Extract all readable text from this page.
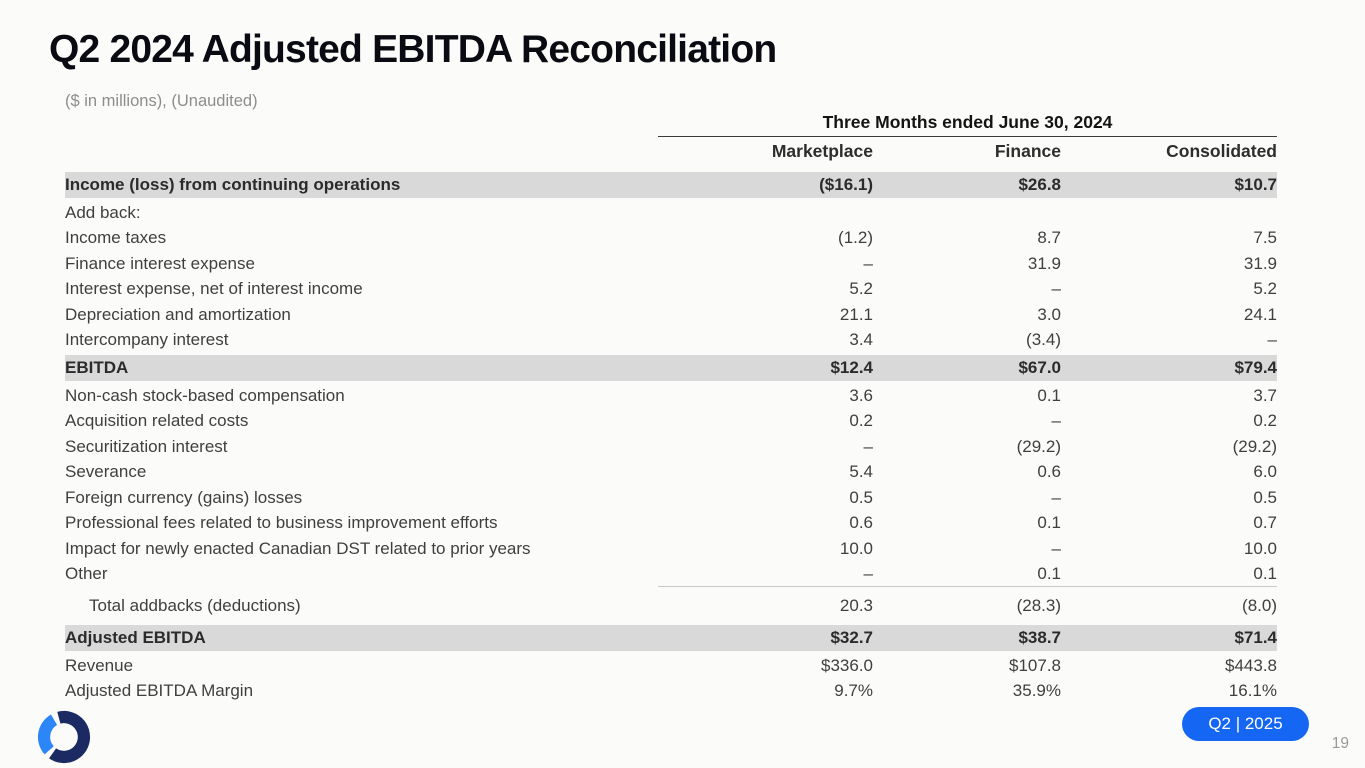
Q2 2024 Adjusted EBITDA Reconciliation
($ in millions), (Unaudited)
Three Months ended June 30, 2024
Marketplace	Finance	Consolidated
Income (loss) from continuing operations	($16.1)	$26.8	$10.7
Add back:
Income taxes	(1.2)	8.7	7.5
Finance interest expense	–	31.9	31.9
Interest expense, net of interest income	5.2	–	5.2
Depreciation and amortization	21.1	3.0	24.1
Intercompany interest	3.4	(3.4)	–
EBITDA	$12.4	$67.0	$79.4
Non-cash stock-based compensation	3.6	0.1	3.7
Acquisition related costs	0.2	–	0.2
Securitization interest	–	(29.2)	(29.2)
Severance	5.4	0.6	6.0
Foreign currency (gains) losses	0.5	–	0.5
Professional fees related to business improvement efforts	0.6	0.1	0.7
Impact for newly enacted Canadian DST related to prior years	10.0	–	10.0
Other	–	0.1	0.1
Total addbacks (deductions)	20.3	(28.3)	(8.0)
Adjusted EBITDA	$32.7	$38.7	$71.4
Revenue	$336.0	$107.8	$443.8
Adjusted EBITDA Margin	9.7%	35.9%	16.1%
Q2 | 2025
19
